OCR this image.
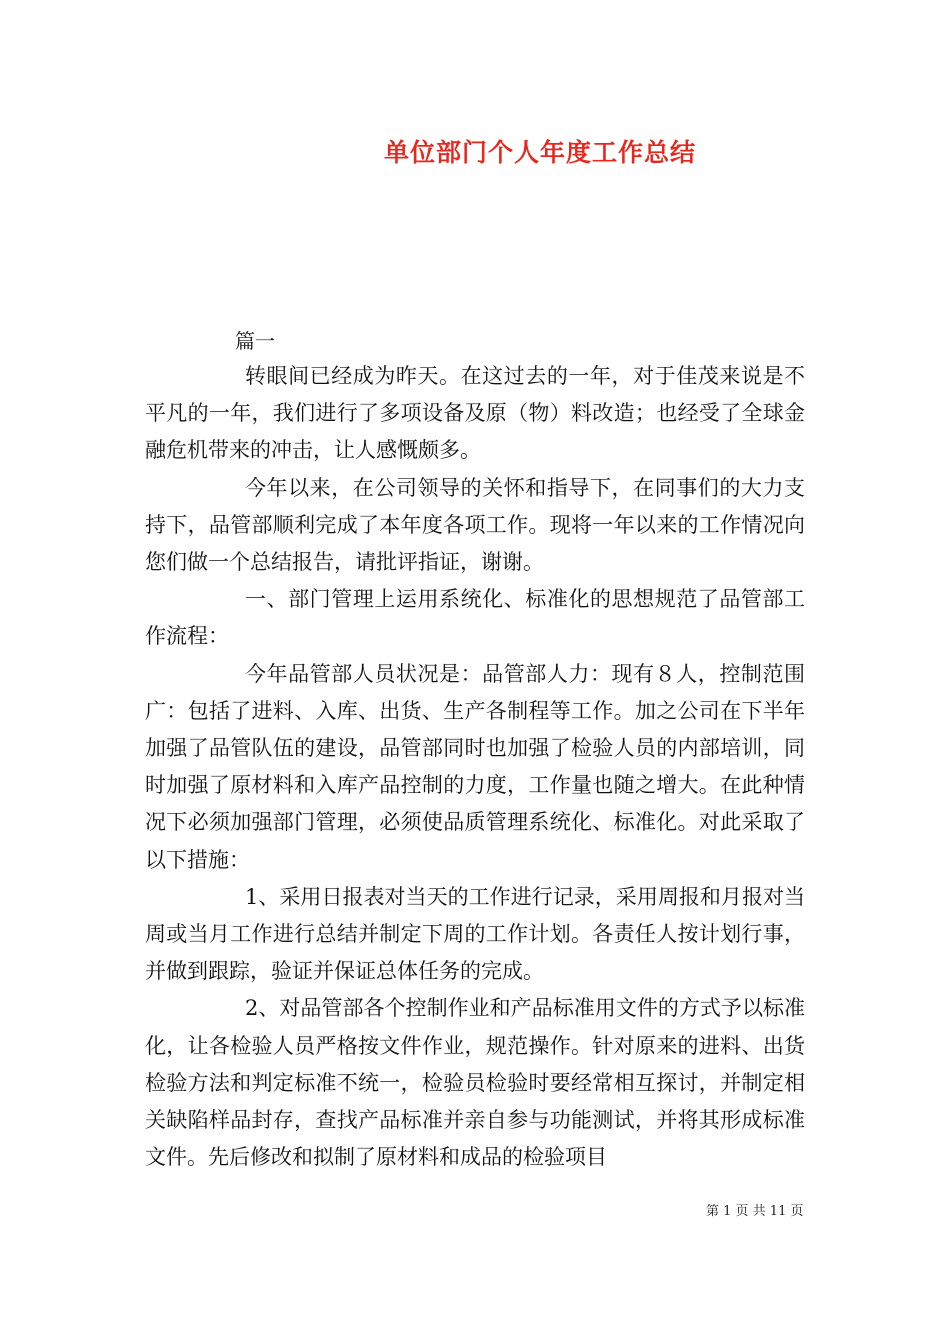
单位部门个人年度工作总结
篇一

转眼间已经成为昨天。在这过去的一年，对于佳茂来说是不平凡的一年，我们进行了多项设备及原（物）料改造；也经受了全球金融危机带来的冲击，让人感慨颇多。

今年以来，在公司领导的关怀和指导下，在同事们的大力支持下，品管部顺利完成了本年度各项工作。现将一年以来的工作情况向您们做一个总结报告，请批评指证，谢谢。

一、部门管理上运用系统化、标准化的思想规范了品管部工作流程：

今年品管部人员状况是：品管部人力：现有８人，控制范围广：包括了进料、入库、出货、生产各制程等工作。加之公司在下半年加强了品管队伍的建设，品管部同时也加强了检验人员的内部培训，同时加强了原材料和入库产品控制的力度，工作量也随之增大。在此种情况下必须加强部门管理，必须使品质管理系统化、标准化。对此采取了以下措施：

1、采用日报表对当天的工作进行记录，采用周报和月报对当周或当月工作进行总结并制定下周的工作计划。各责任人按计划行事，并做到跟踪，验证并保证总体任务的完成。

2、对品管部各个控制作业和产品标准用文件的方式予以标准化，让各检验人员严格按文件作业，规范操作。针对原来的进料、出货检验方法和判定标准不统一，检验员检验时要经常相互探讨，并制定相关缺陷样品封存，查找产品标准并亲自参与功能测试，并将其形成标准文件。先后修改和拟制了原材料和成品的检验项目

第 1 页 共 11 页
